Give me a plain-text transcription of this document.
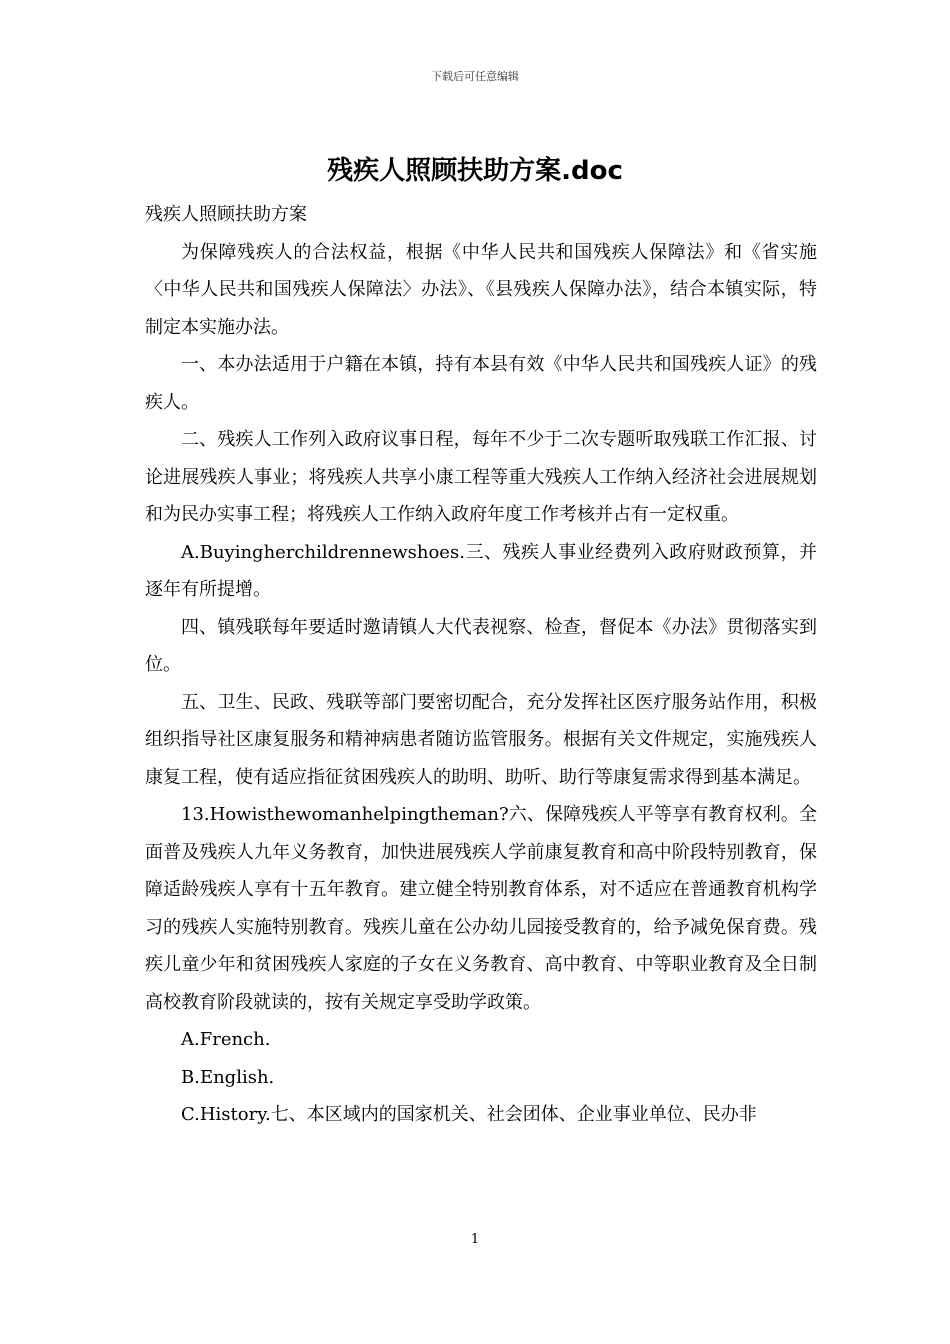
下载后可任意编辑
残疾人照顾扶助方案.doc

残疾人照顾扶助方案

为保障残疾人的合法权益，根据《中华人民共和国残疾人保障法》和《省实施〈中华人民共和国残疾人保障法〉办法》、《县残疾人保障办法》，结合本镇实际，特制定本实施办法。

一、本办法适用于户籍在本镇，持有本县有效《中华人民共和国残疾人证》的残疾人。

二、残疾人工作列入政府议事日程，每年不少于二次专题听取残联工作汇报、讨论进展残疾人事业；将残疾人共享小康工程等重大残疾人工作纳入经济社会进展规划和为民办实事工程；将残疾人工作纳入政府年度工作考核并占有一定权重。

A.Buyingherchildrennewshoes.三、残疾人事业经费列入政府财政预算，并逐年有所提增。

四、镇残联每年要适时邀请镇人大代表视察、检查，督促本《办法》贯彻落实到位。

五、卫生、民政、残联等部门要密切配合，充分发挥社区医疗服务站作用，积极组织指导社区康复服务和精神病患者随访监管服务。根据有关文件规定，实施残疾人康复工程，使有适应指征贫困残疾人的助明、助听、助行等康复需求得到基本满足。

13.Howisthewomanhelpingtheman?六、保障残疾人平等享有教育权利。全面普及残疾人九年义务教育，加快进展残疾人学前康复教育和高中阶段特别教育，保障适龄残疾人享有十五年教育。建立健全特别教育体系，对不适应在普通教育机构学习的残疾人实施特别教育。残疾儿童在公办幼儿园接受教育的，给予减免保育费。残疾儿童少年和贫困残疾人家庭的子女在义务教育、高中教育、中等职业教育及全日制高校教育阶段就读的，按有关规定享受助学政策。

A.French.

B.English.

C.History.七、本区域内的国家机关、社会团体、企业事业单位、民办非

1
